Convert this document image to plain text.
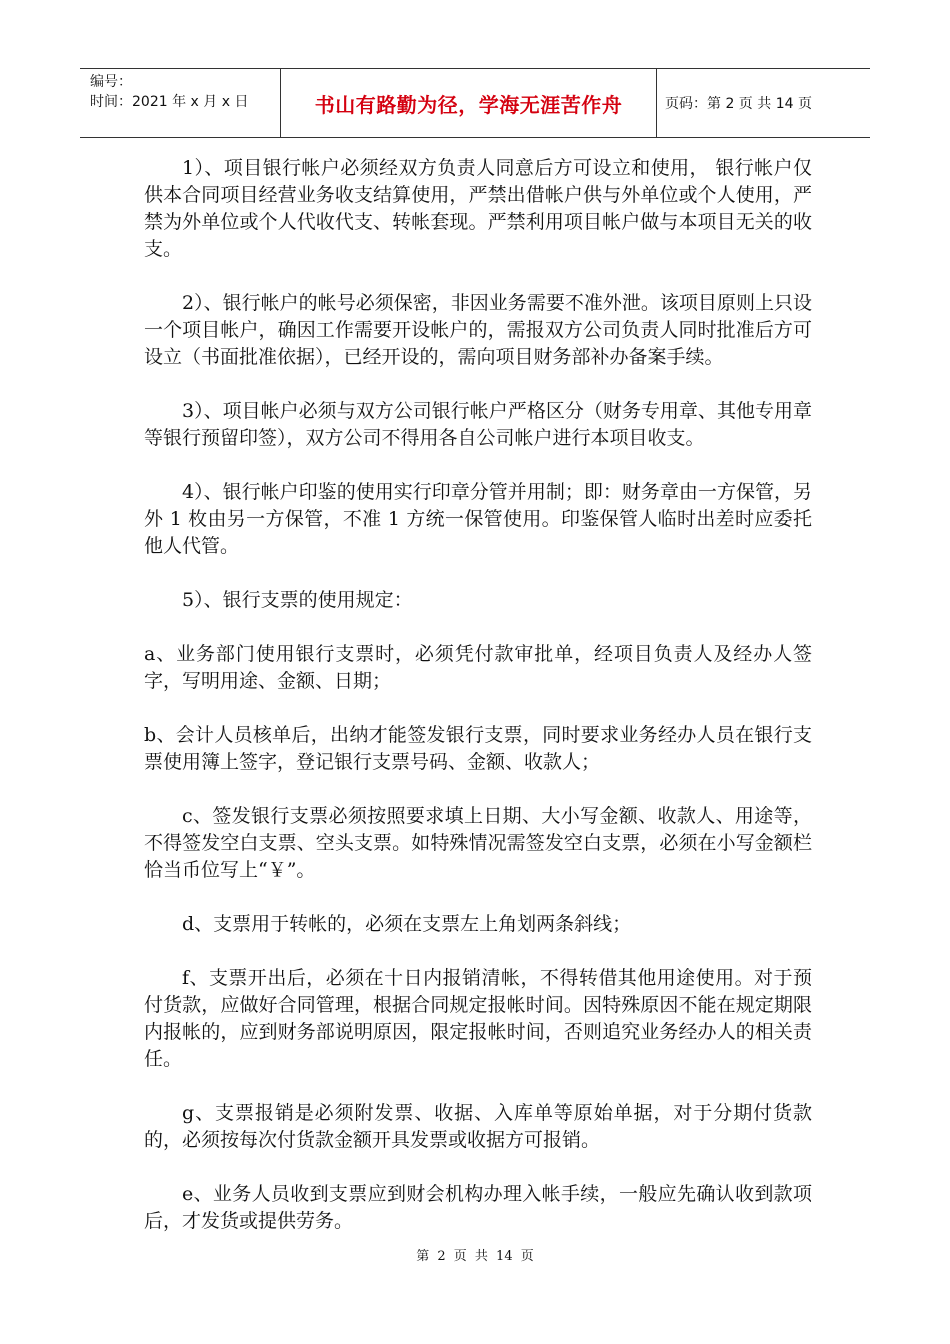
编号：
时间：2021 年 x 月 x 日	书山有路勤为径，学海无涯苦作舟	页码：第 2 页 共 14 页

1）、项目银行帐户必须经双方负责人同意后方可设立和使用， 银行帐户仅供本合同项目经营业务收支结算使用，严禁出借帐户供与外单位或个人使用，严禁为外单位或个人代收代支、转帐套现。严禁利用项目帐户做与本项目无关的收支。

2）、银行帐户的帐号必须保密，非因业务需要不准外泄。该项目原则上只设一个项目帐户，确因工作需要开设帐户的，需报双方公司负责人同时批准后方可设立（书面批准依据），已经开设的，需向项目财务部补办备案手续。

3）、项目帐户必须与双方公司银行帐户严格区分（财务专用章、其他专用章等银行预留印签），双方公司不得用各自公司帐户进行本项目收支。

4）、银行帐户印鉴的使用实行印章分管并用制；即：财务章由一方保管，另外 1 枚由另一方保管，不准 1 方统一保管使用。印鉴保管人临时出差时应委托他人代管。

5）、银行支票的使用规定：

a、业务部门使用银行支票时，必须凭付款审批单，经项目负责人及经办人签字，写明用途、金额、日期；

b、会计人员核单后，出纳才能签发银行支票，同时要求业务经办人员在银行支票使用簿上签字，登记银行支票号码、金额、收款人；

c、签发银行支票必须按照要求填上日期、大小写金额、收款人、用途等，不得签发空白支票、空头支票。如特殊情况需签发空白支票，必须在小写金额栏恰当币位写上“￥”。

d、支票用于转帐的，必须在支票左上角划两条斜线；

f、支票开出后，必须在十日内报销清帐，不得转借其他用途使用。对于预付货款，应做好合同管理，根据合同规定报帐时间。因特殊原因不能在规定期限内报帐的，应到财务部说明原因，限定报帐时间，否则追究业务经办人的相关责任。

g、支票报销是必须附发票、收据、入库单等原始单据，对于分期付货款的，必须按每次付货款金额开具发票或收据方可报销。

e、业务人员收到支票应到财会机构办理入帐手续，一般应先确认收到款项后，才发货或提供劳务。

第 2 页 共 14 页
